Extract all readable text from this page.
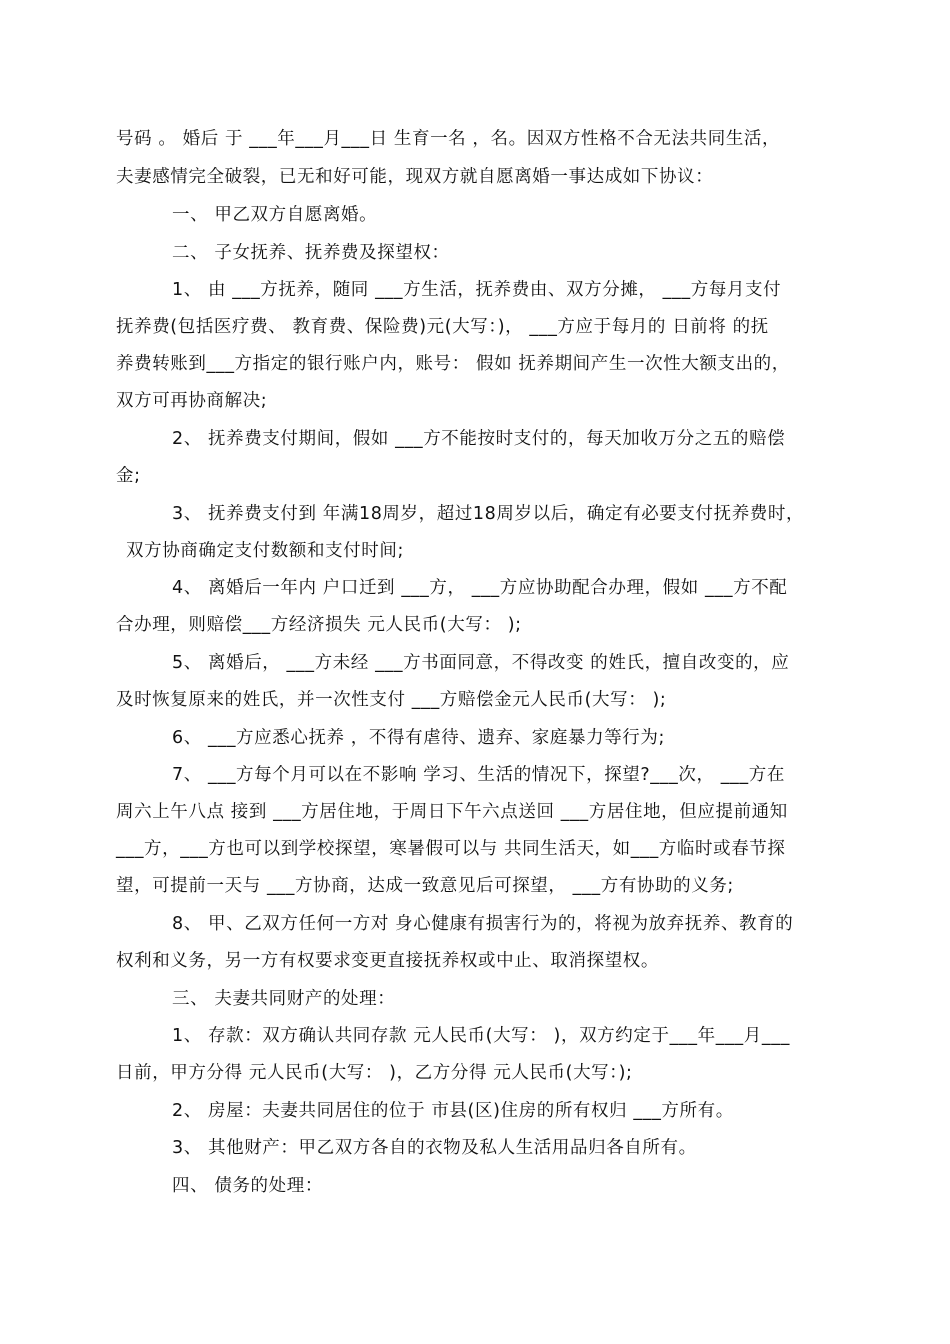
号码 。 婚后 于 ___年___月___日 生育一名 ，名。因双方性格不合无法共同生活，
夫妻感情完全破裂，已无和好可能，现双方就自愿离婚一事达成如下协议：
一、 甲乙双方自愿离婚。
二、 子女抚养、抚养费及探望权：
1、 由 ___方抚养，随同 ___方生活，抚养费由、双方分摊， ___方每月支付
抚养费(包括医疗费、 教育费、保险费)元(大写：)， ___方应于每月的 日前将 的抚
养费转账到___方指定的银行账户内，账号： 假如 抚养期间产生一次性大额支出的，
双方可再协商解决;
2、 抚养费支付期间，假如 ___方不能按时支付的，每天加收万分之五的赔偿
金;
3、 抚养费支付到 年满18周岁，超过18周岁以后，确定有必要支付抚养费时，
双方协商确定支付数额和支付时间;
4、 离婚后一年内 户口迁到 ___方， ___方应协助配合办理，假如 ___方不配
合办理，则赔偿___方经济损失 元人民币(大写： );
5、 离婚后， ___方未经 ___方书面同意，不得改变 的姓氏，擅自改变的，应
及时恢复原来的姓氏，并一次性支付 ___方赔偿金元人民币(大写： );
6、 ___方应悉心抚养 ，不得有虐待、遗弃、家庭暴力等行为;
7、 ___方每个月可以在不影响 学习、生活的情况下，探望?___次， ___方在
周六上午八点 接到 ___方居住地，于周日下午六点送回 ___方居住地，但应提前通知
___方，___方也可以到学校探望，寒暑假可以与 共同生活天，如___方临时或春节探
望，可提前一天与 ___方协商，达成一致意见后可探望， ___方有协助的义务;
8、 甲、乙双方任何一方对 身心健康有损害行为的，将视为放弃抚养、教育的
权利和义务，另一方有权要求变更直接抚养权或中止、取消探望权。
三、 夫妻共同财产的处理：
1、 存款：双方确认共同存款 元人民币(大写： )，双方约定于___年___月___
日前，甲方分得 元人民币(大写： )，乙方分得 元人民币(大写：);
2、 房屋：夫妻共同居住的位于 市县(区)住房的所有权归 ___方所有。
3、 其他财产：甲乙双方各自的衣物及私人生活用品归各自所有。
四、 债务的处理：
